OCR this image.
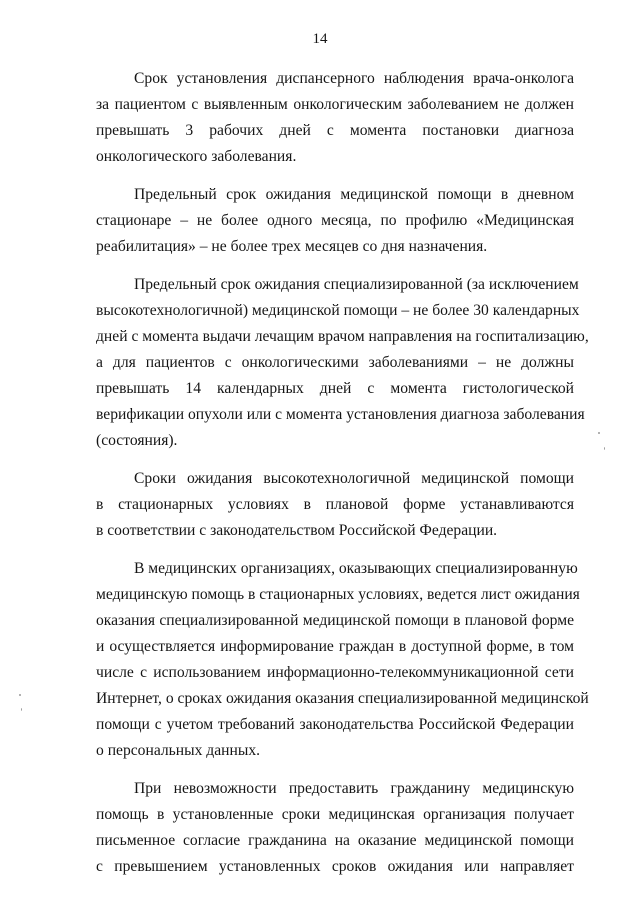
14
Срок установления диспансерного наблюдения врача-онколога
за пациентом с выявленным онкологическим заболеванием не должен
превышать 3 рабочих дней с момента постановки диагноза
онкологического заболевания.
Предельный срок ожидания медицинской помощи в дневном
стационаре – не более одного месяца, по профилю «Медицинская
реабилитация» – не более трех месяцев со дня назначения.
Предельный срок ожидания специализированной (за исключением
высокотехнологичной) медицинской помощи – не более 30 календарных
дней с момента выдачи лечащим врачом направления на госпитализацию,
а для пациентов с онкологическими заболеваниями – не должны
превышать 14 календарных дней с момента гистологической
верификации опухоли или с момента установления диагноза заболевания
(состояния).
Сроки ожидания высокотехнологичной медицинской помощи
в стационарных условиях в плановой форме устанавливаются
в соответствии с законодательством Российской Федерации.
В медицинских организациях, оказывающих специализированную
медицинскую помощь в стационарных условиях, ведется лист ожидания
оказания специализированной медицинской помощи в плановой форме
и осуществляется информирование граждан в доступной форме, в том
числе с использованием информационно-телекоммуникационной сети
Интернет, о сроках ожидания оказания специализированной медицинской
помощи с учетом требований законодательства Российской Федерации
о персональных данных.
При невозможности предоставить гражданину медицинскую
помощь в установленные сроки медицинская организация получает
письменное согласие гражданина на оказание медицинской помощи
с превышением установленных сроков ожидания или направляет
